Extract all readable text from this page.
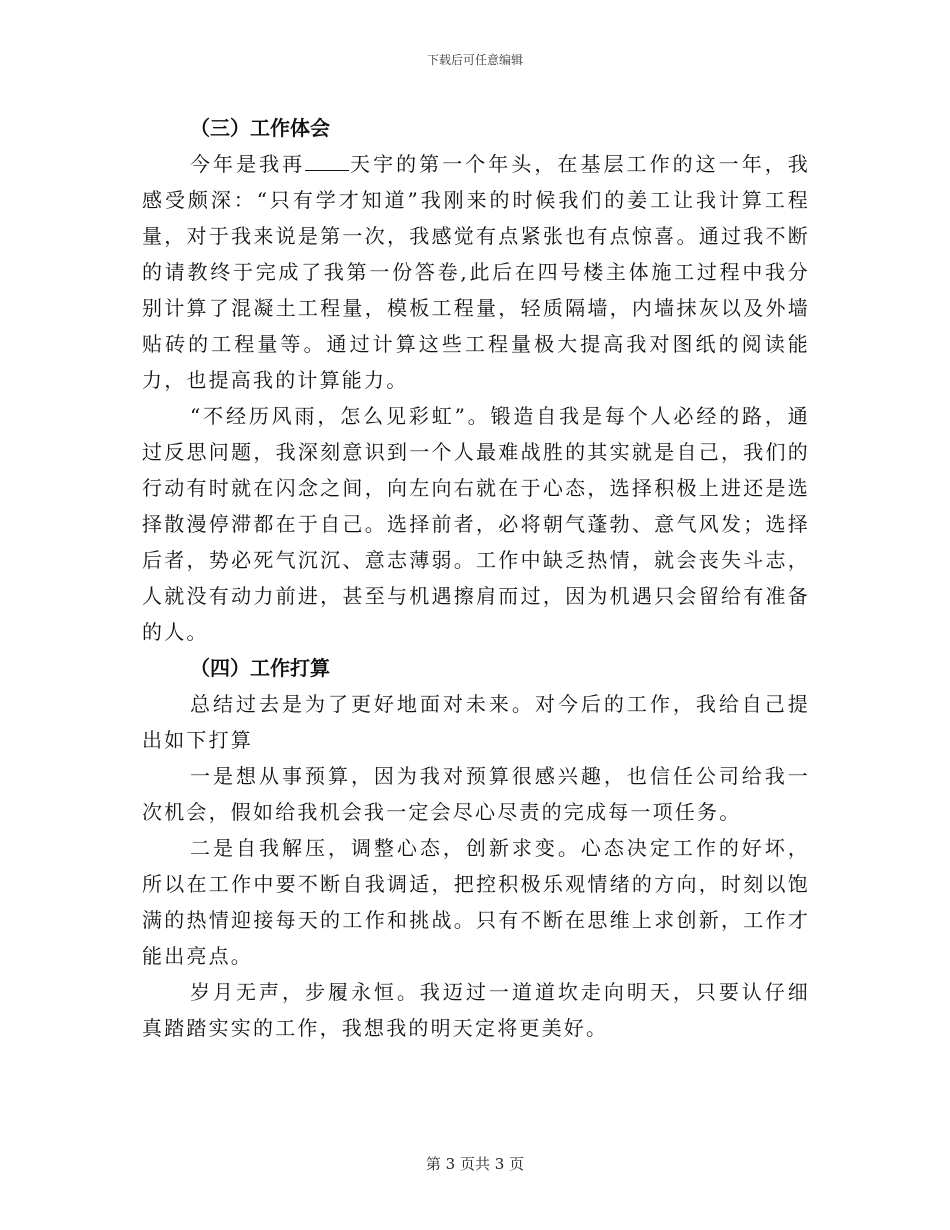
下载后可任意编辑
（三）工作体会

今年是我再 天宇的第一个年头，在基层工作的这一年，我感受颇深：“只有学才知道”我刚来的时候我们的姜工让我计算工程量，对于我来说是第一次，我感觉有点紧张也有点惊喜。通过我不断的请教终于完成了我第一份答卷,此后在四号楼主体施工过程中我分别计算了混凝土工程量，模板工程量，轻质隔墙，内墙抹灰以及外墙贴砖的工程量等。通过计算这些工程量极大提高我对图纸的阅读能力，也提高我的计算能力。

“不经历风雨，怎么见彩虹”。锻造自我是每个人必经的路，通过反思问题，我深刻意识到一个人最难战胜的其实就是自己，我们的行动有时就在闪念之间，向左向右就在于心态，选择积极上进还是选择散漫停滞都在于自己。选择前者，必将朝气蓬勃、意气风发；选择后者，势必死气沉沉、意志薄弱。工作中缺乏热情，就会丧失斗志，人就没有动力前进，甚至与机遇擦肩而过，因为机遇只会留给有准备的人。

（四）工作打算

总结过去是为了更好地面对未来。对今后的工作，我给自己提出如下打算

一是想从事预算，因为我对预算很感兴趣，也信任公司给我一次机会，假如给我机会我一定会尽心尽责的完成每一项任务。

二是自我解压，调整心态，创新求变。心态决定工作的好坏，所以在工作中要不断自我调适，把控积极乐观情绪的方向，时刻以饱满的热情迎接每天的工作和挑战。只有不断在思维上求创新，工作才能出亮点。

岁月无声，步履永恒。我迈过一道道坎走向明天，只要认仔细真踏踏实实的工作，我想我的明天定将更美好。

第 3 页共 3 页
